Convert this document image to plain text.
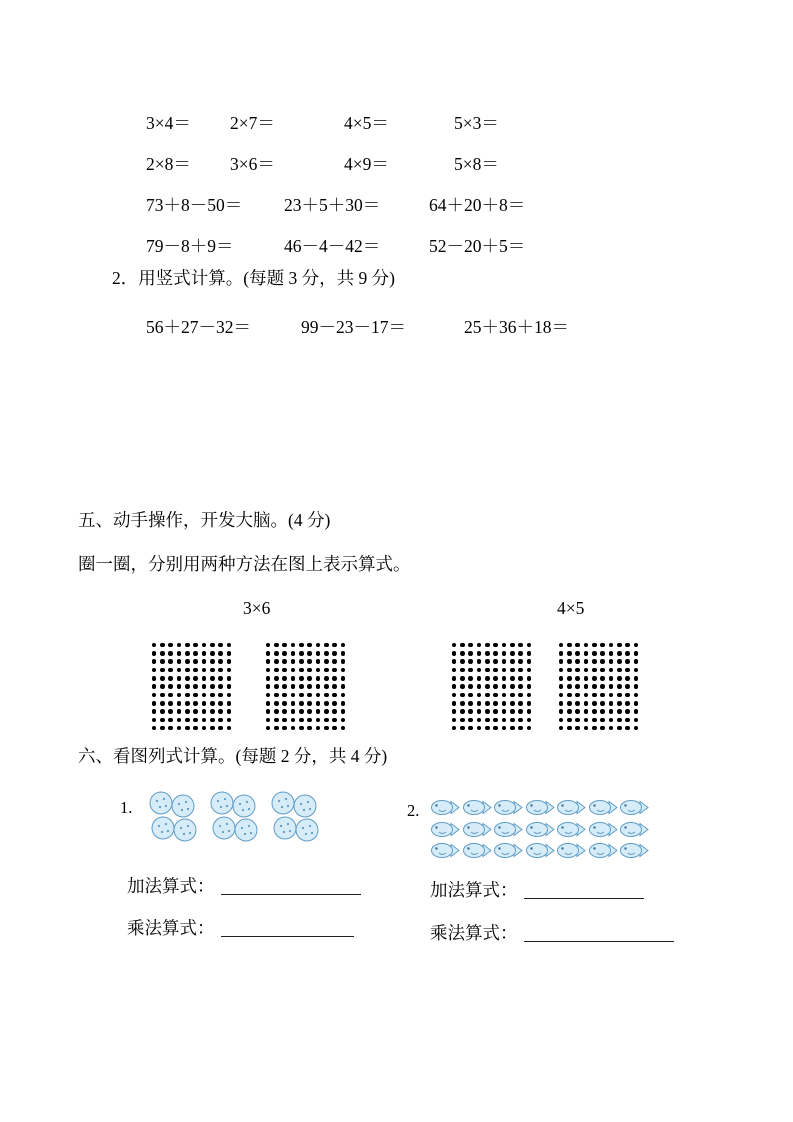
3×4＝	2×7＝	4×5＝	5×3＝
2×8＝	3×6＝	4×9＝	5×8＝
73＋8－50＝	23＋5＋30＝	64＋20＋8＝
79－8＋9＝	46－4－42＝	52－20＋5＝
2．用竖式计算。(每题 3 分，共 9 分)
56＋27－32＝	99－23－17＝	25＋36＋18＝
五、动手操作，开发大脑。(4 分)
圈一圈，分别用两种方法在图上表示算式。
3×6	4×5
六、看图列式计算。(每题 2 分，共 4 分)
1.	2.
加法算式：
乘法算式：
加法算式：
乘法算式：
